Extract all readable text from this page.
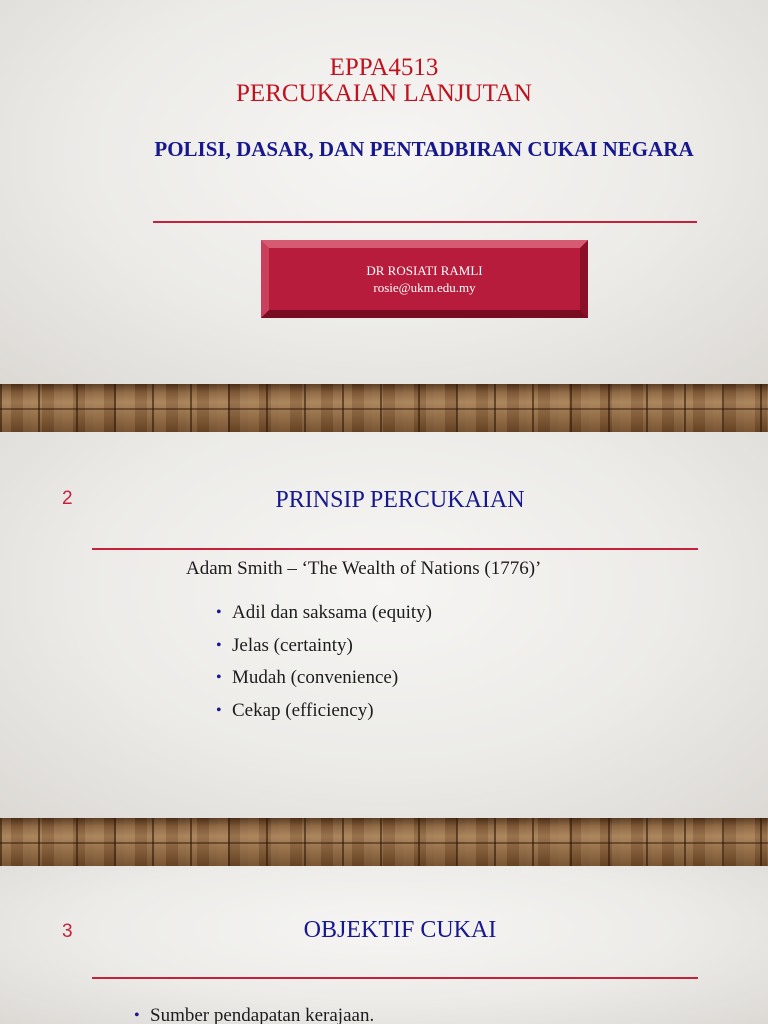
EPPA4513
PERCUKAIAN LANJUTAN
POLISI, DASAR, DAN PENTADBIRAN CUKAI NEGARA
DR ROSIATI RAMLI
rosie@ukm.edu.my
2	PRINSIP PERCUKAIAN
Adam Smith – ‘The Wealth of Nations (1776)’
• Adil dan saksama (equity)
• Jelas (certainty)
• Mudah (convenience)
• Cekap (efficiency)
3	OBJEKTIF CUKAI
• Sumber pendapatan kerajaan.
